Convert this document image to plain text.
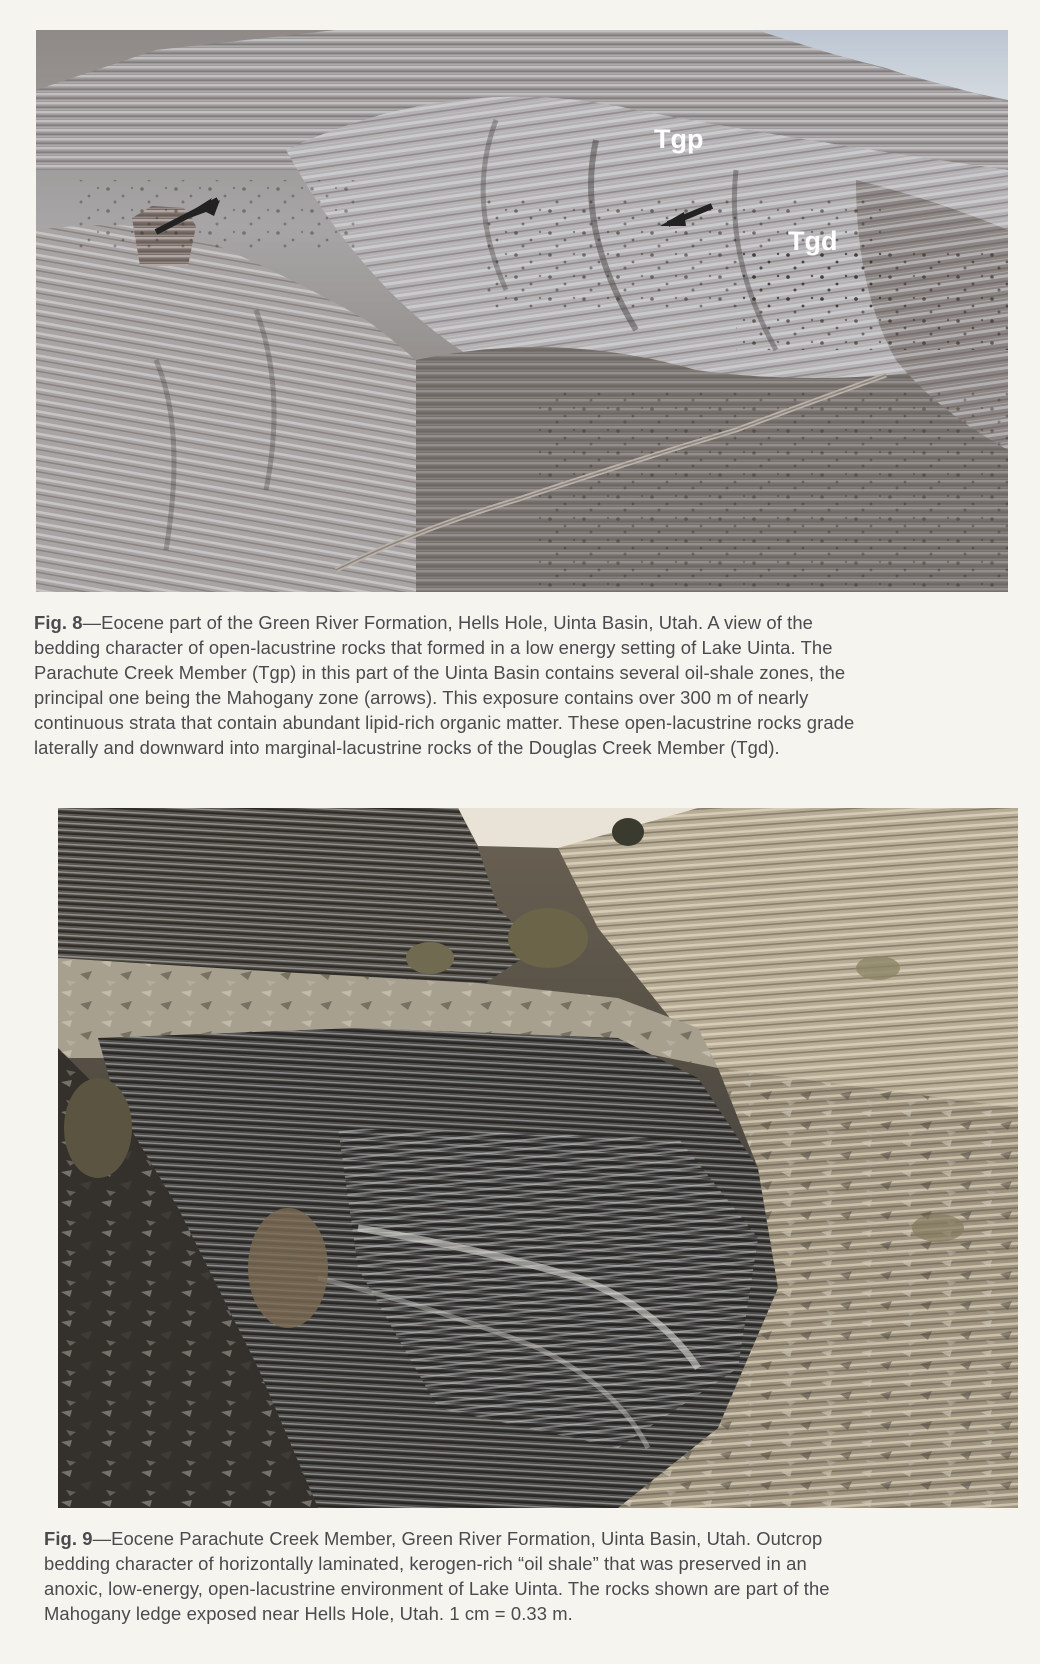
Tgp
Tgd
Fig. 8—Eocene part of the Green River Formation, Hells Hole, Uinta Basin, Utah. A view of the
bedding character of open-lacustrine rocks that formed in a low energy setting of Lake Uinta. The
Parachute Creek Member (Tgp) in this part of the Uinta Basin contains several oil-shale zones, the
principal one being the Mahogany zone (arrows). This exposure contains over 300 m of nearly
continuous strata that contain abundant lipid-rich organic matter. These open-lacustrine rocks grade
laterally and downward into marginal-lacustrine rocks of the Douglas Creek Member (Tgd).
Fig. 9—Eocene Parachute Creek Member, Green River Formation, Uinta Basin, Utah. Outcrop
bedding character of horizontally laminated, kerogen-rich “oil shale” that was preserved in an
anoxic, low-energy, open-lacustrine environment of Lake Uinta. The rocks shown are part of the
Mahogany ledge exposed near Hells Hole, Utah. 1 cm = 0.33 m.
